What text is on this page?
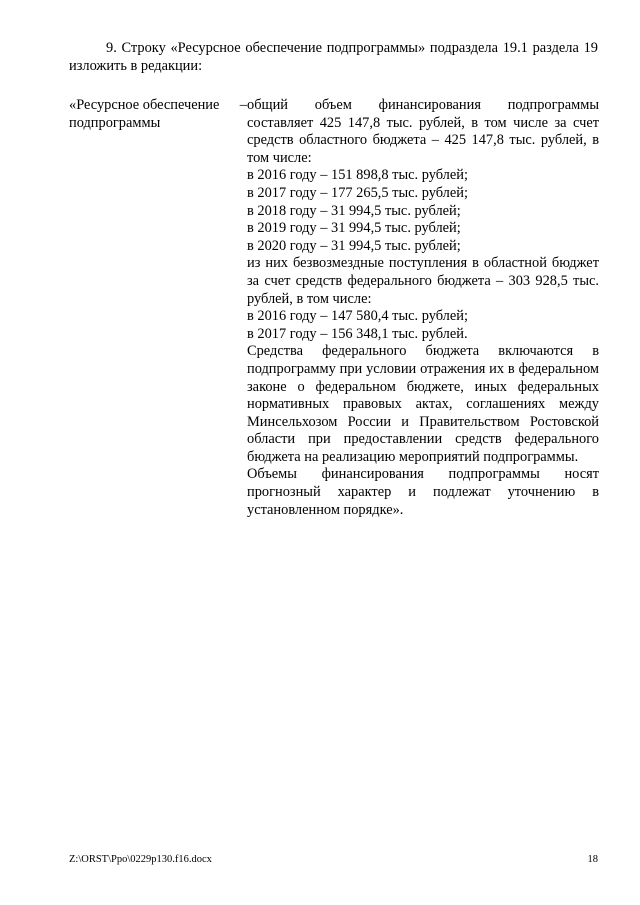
9. Строку «Ресурсное обеспечение подпрограммы» подраздела 19.1 раздела 19 изложить в редакции:

«Ресурсное обеспечение –
подпрограммы

общий объем финансирования подпрограммы составляет 425 147,8 тыс. рублей, в том числе за счет средств областного бюджета – 425 147,8 тыс. рублей, в том числе:

в 2016 году – 151 898,8 тыс. рублей;

в 2017 году – 177 265,5 тыс. рублей;

в 2018 году – 31 994,5 тыс. рублей;

в 2019 году – 31 994,5 тыс. рублей;

в 2020 году – 31 994,5 тыс. рублей;

из них безвозмездные поступления в областной бюджет за счет средств федерального бюджета – 303 928,5 тыс. рублей, в том числе:

в 2016 году – 147 580,4 тыс. рублей;

в 2017 году – 156 348,1 тыс. рублей.

Средства федерального бюджета включаются в подпрограмму при условии отражения их в федеральном законе о федеральном бюджете, иных федеральных нормативных правовых актах, соглашениях между Минсельхозом России и Правительством Ростовской области при предоставлении средств федерального бюджета на реализацию мероприятий подпрограммы.

Объемы финансирования подпрограммы носят прогнозный характер и подлежат уточнению в установленном порядке».

Z:\ORST\Ppo\0229p130.f16.docx	18
